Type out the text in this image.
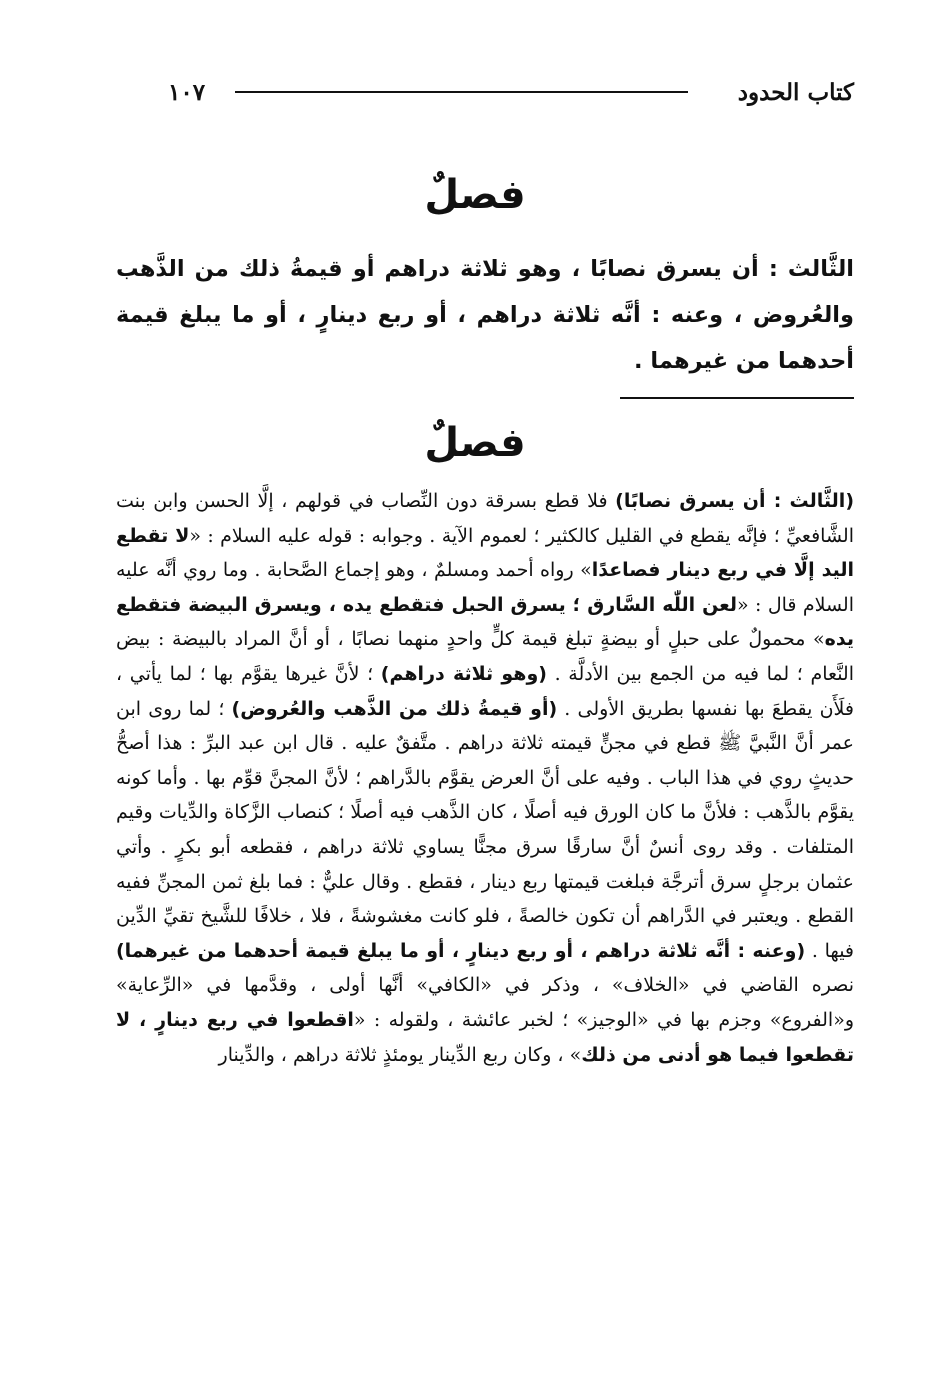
كتاب الحدود
١٠٧
فصلٌ
الثَّالث : أن يسرق نصابًا ، وهو ثلاثة دراهم أو قيمةُ ذلك من الذَّهب والعُروض ، وعنه : أنَّه ثلاثة دراهم ، أو ربع دينارٍ ، أو ما يبلغ قيمة أحدهما من غيرهما .
فصلٌ
(الثَّالث : أن يسرق نصابًا) فلا قطع بسرقة دون النِّصاب في قولهم ، إلَّا الحسن وابن بنت الشَّافعيِّ ؛ فإنَّه يقطع في القليل كالكثير ؛ لعموم الآية . وجوابه : قوله عليه السلام : «لا تقطع اليد إلَّا في ربع دينار فصاعدًا» رواه أحمد ومسلمٌ ، وهو إجماع الصَّحابة . وما روي أنَّه عليه السلام قال : «لعن اللّٰه السَّارق ؛ يسرق الحبل فتقطع يده ، ويسرق البيضة فتقطع يده» محمولٌ على حبلٍ أو بيضةٍ تبلغ قيمة كلٍّ واحدٍ منهما نصابًا ، أو أنَّ المراد بالبيضة : بيض النَّعام ؛ لما فيه من الجمع بين الأدلَّة . (وهو ثلاثة دراهم) ؛ لأنَّ غيرها يقوَّم بها ؛ لما يأتي ، فلَأَن يقطعَ بها نفسها بطريق الأولى . (أو قيمةُ ذلك من الذَّهب والعُروض) ؛ لما روى ابن عمر أنَّ النَّبيَّ ﷺ قطع في مجنٍّ قيمته ثلاثة دراهم . متَّفقٌ عليه . قال ابن عبد البرِّ : هذا أصحُّ حديثٍ روي في هذا الباب . وفيه على أنَّ العرض يقوَّم بالدَّراهم ؛ لأنَّ المجنَّ قوِّم بها . وأما كونه يقوَّم بالذَّهب : فلأنَّ ما كان الورق فيه أصلًا ، كان الذَّهب فيه أصلًا ؛ كنصاب الزَّكاة والدِّيات وقيم المتلفات . وقد روى أنسٌ أنَّ سارقًا سرق مجنًّا يساوي ثلاثة دراهم ، فقطعه أبو بكرٍ . وأتي عثمان برجلٍ سرق أترجَّة فبلغت قيمتها ربع دينار ، فقطع . وقال عليٌّ : فما بلغ ثمن المجنِّ ففيه القطع . ويعتبر في الدَّراهم أن تكون خالصةً ، فلو كانت مغشوشةً ، فلا ، خلافًا للشَّيخ تقيِّ الدِّين فيها . (وعنه : أنَّه ثلاثة دراهم ، أو ربع دينارٍ ، أو ما يبلغ قيمة أحدهما من غيرهما) نصره القاضي في «الخلاف» ، وذكر في «الكافي» أنَّها أولى ، وقدَّمها في «الرِّعاية» و«الفروع» وجزم بها في «الوجيز» ؛ لخبر عائشة ، ولقوله : «اقطعوا في ربع دينارٍ ، لا تقطعوا فيما هو أدنى من ذلك» ، وكان ربع الدِّينار يومئذٍ ثلاثة دراهم ، والدِّينار
